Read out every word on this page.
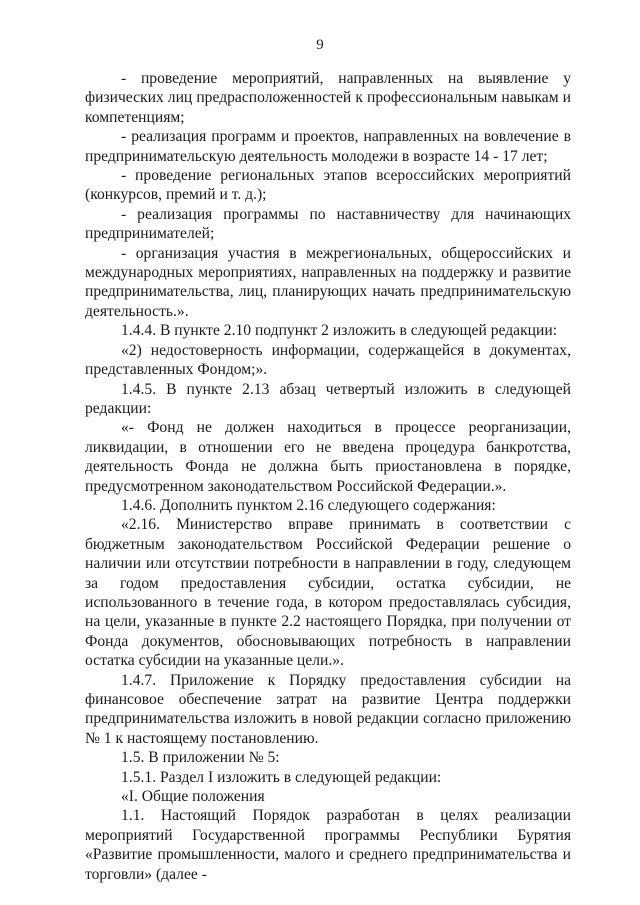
9

- проведение мероприятий, направленных на выявление у физических лиц предрасположенностей к профессиональным навыкам и компетенциям;

- реализация программ и проектов, направленных на вовлечение в предпринимательскую деятельность молодежи в возрасте 14 - 17 лет;

- проведение региональных этапов всероссийских мероприятий (конкурсов, премий и т. д.);

- реализация программы по наставничеству для начинающих предпринимателей;

- организация участия в межрегиональных, общероссийских и международных мероприятиях, направленных на поддержку и развитие предпринимательства, лиц, планирующих начать предпринимательскую деятельность.».

1.4.4. В пункте 2.10 подпункт 2 изложить в следующей редакции:

«2) недостоверность информации, содержащейся в документах, представленных Фондом;».

1.4.5. В пункте 2.13 абзац четвертый изложить в следующей редакции:

«- Фонд не должен находиться в процессе реорганизации, ликвидации, в отношении его не введена процедура банкротства, деятельность Фонда не должна быть приостановлена в порядке, предусмотренном законодательством Российской Федерации.».

1.4.6. Дополнить пунктом 2.16 следующего содержания:

«2.16. Министерство вправе принимать в соответствии с бюджетным законодательством Российской Федерации решение о наличии или отсутствии потребности в направлении в году, следующем за годом предоставления субсидии, остатка субсидии, не использованного в течение года, в котором предоставлялась субсидия, на цели, указанные в пункте 2.2 настоящего Порядка, при получении от Фонда документов, обосновывающих потребность в направлении остатка субсидии на указанные цели.».

1.4.7. Приложение к Порядку предоставления субсидии на финансовое обеспечение затрат на развитие Центра поддержки предпринимательства изложить в новой редакции согласно приложению № 1 к настоящему постановлению.

1.5. В приложении № 5:

1.5.1. Раздел I изложить в следующей редакции:

«I. Общие положения

1.1. Настоящий Порядок разработан в целях реализации мероприятий Государственной программы Республики Бурятия «Развитие промышленности, малого и среднего предпринимательства и торговли» (далее -
